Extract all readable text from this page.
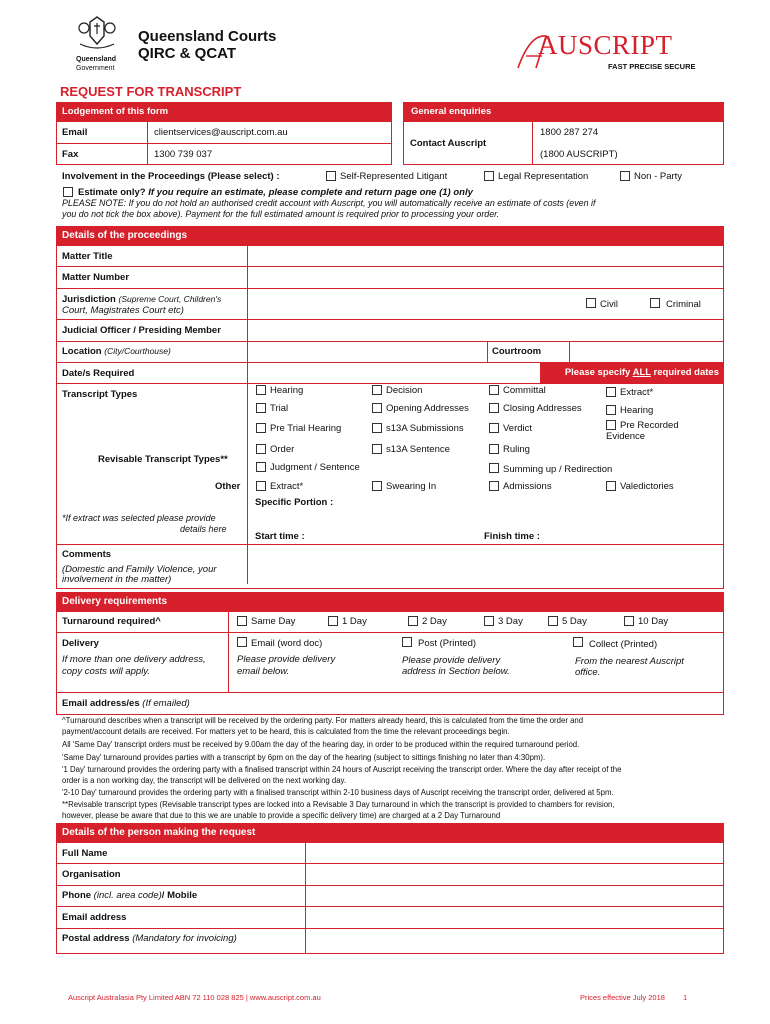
Queensland
Government
Queensland Courts
QIRC & QCAT	AUSCRIPT
FAST PRECISE SECURE
REQUEST FOR TRANSCRIPT
Lodgement of this form	General enquiries
Email	clientservices@auscript.com.au
Fax	1300 739 037
Contact Auscript
1800 287 274
(1800 AUSCRIPT)
Involvement in the Proceedings (Please select) :	Self-Represented Litigant	Legal Representation	Non - Party
Estimate only? If you require an estimate, please complete and return page one (1) only
PLEASE NOTE: If you do not hold an authorised credit account with Auscript, you will automatically receive an estimate of costs (even if
you do not tick the box above). Payment for the full estimated amount is required prior to processing your order.
Details of the proceedings
Matter Title
Matter Number
Jurisdiction (Supreme Court, Children's
Court, Magistrates Court etc)
Civil	Criminal
Judicial Officer / Presiding Member
Location (City/Courthouse)	Courtroom
Date/s Required	Please specify ALL required dates
Transcript Types
Revisable Transcript Types**
Other
*If extract was selected please provide
details here
Hearing	Decision	Committal	Extract*
Trial	Opening Addresses	Closing Addresses	Hearing
Pre Trial Hearing	s13A Submissions	Verdict	Pre Recorded
Evidence
Order	s13A Sentence	Ruling
Judgment / Sentence	Summing up / Redirection
Extract*	Swearing In	Admissions	Valedictories
Specific Portion :
Start time :	Finish time :
Comments
(Domestic and Family Violence, your
involvement in the matter)
Delivery requirements
Turnaround required^	Same Day	1 Day	2 Day	3 Day	5 Day	10 Day
Delivery
If more than one delivery address,
copy costs will apply.
Email (word doc)
Please provide delivery
email below.
Post (Printed)
Please provide delivery
address in Section below.
Collect (Printed)
From the nearest Auscript
office.
Email address/es (If emailed)
^Turnaround describes when a transcript will be received by the ordering party. For matters already heard, this is calculated from the time the order and
payment/account details are received. For matters yet to be heard, this is calculated from the time the relevant proceedings begin.
All 'Same Day' transcript orders must be received by 9.00am the day of the hearing day, in order to be produced within the required turnaround period.
'Same Day' turnaround provides parties with a transcript by 6pm on the day of the hearing (subject to sittings finishing no later than 4:30pm).
'1 Day' turnaround provides the ordering party with a finalised transcript within 24 hours of Auscript receiving the transcript order. Where the day after receipt of the
order is a non working day, the transcript will be delivered on the next working day.
'2-10 Day' turnaround provides the ordering party with a finalised transcript within 2-10 business days of Auscript receiving the transcript order, delivered at 5pm.
**Revisable transcript types (Revisable transcript types are locked into a Revisable 3 Day turnaround in which the transcript is provided to chambers for revision,
however, please be aware that due to this we are unable to provide a specific delivery time) are charged at a 2 Day Turnaround
Details of the person making the request
Full Name
Organisation
Phone (incl. area code)/ Mobile
Email address
Postal address (Mandatory for invoicing)
Auscript Australasia Pty Limited ABN 72 110 028 825 | www.auscript.com.au	Prices effective July 2018 1
